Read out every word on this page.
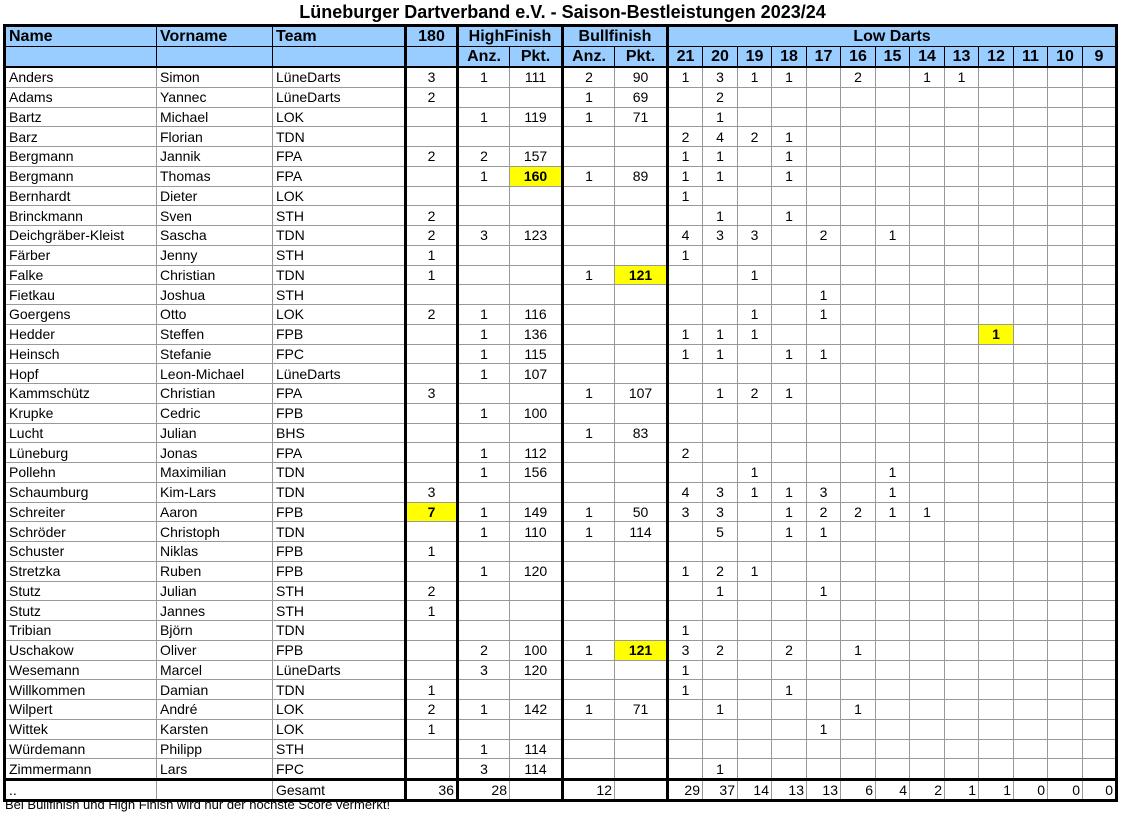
Lüneburger Dartverband e.V. - Saison-Bestleistungen 2023/24
Name	Vorname	Team	180	HighFinish		Bullfinish		Low Darts												
				Anz.	Pkt.	Anz.	Pkt.	21	20	19	18	17	16	15	14	13	12	11	10	9
Anders	Simon	LüneDarts	3	1	111	2	90	1	3	1	1		2		1	1				
Adams	Yannec	LüneDarts	2			1	69		2											
Bartz	Michael	LOK		1	119	1	71		1											
Barz	Florian	TDN						2	4	2	1									
Bergmann	Jannik	FPA	2	2	157			1	1		1									
Bergmann	Thomas	FPA		1	160	1	89	1	1		1									
Bernhardt	Dieter	LOK						1												
Brinckmann	Sven	STH	2						1		1									
Deichgräber-Kleist	Sascha	TDN	2	3	123			4	3	3		2		1						
Färber	Jenny	STH	1					1												
Falke	Christian	TDN	1			1	121			1										
Fietkau	Joshua	STH										1								
Goergens	Otto	LOK	2	1	116					1		1								
Hedder	Steffen	FPB		1	136			1	1	1							1			
Heinsch	Stefanie	FPC		1	115			1	1		1	1								
Hopf	Leon-Michael	LüneDarts		1	107															
Kammschütz	Christian	FPA	3			1	107		1	2	1									
Krupke	Cedric	FPB		1	100															
Lucht	Julian	BHS				1	83													
Lüneburg	Jonas	FPA		1	112			2												
Pollehn	Maximilian	TDN		1	156					1				1						
Schaumburg	Kim-Lars	TDN	3					4	3	1	1	3		1						
Schreiter	Aaron	FPB	7	1	149	1	50	3	3		1	2	2	1	1					
Schröder	Christoph	TDN		1	110	1	114		5		1	1								
Schuster	Niklas	FPB	1																	
Stretzka	Ruben	FPB		1	120			1	2	1										
Stutz	Julian	STH	2						1			1								
Stutz	Jannes	STH	1																	
Tribian	Björn	TDN						1												
Uschakow	Oliver	FPB		2	100	1	121	3	2		2		1							
Wesemann	Marcel	LüneDarts		3	120			1												
Willkommen	Damian	TDN	1					1			1									
Wilpert	André	LOK	2	1	142	1	71		1				1							
Wittek	Karsten	LOK	1									1								
Würdemann	Philipp	STH		1	114															
Zimmermann	Lars	FPC		3	114				1											
..		Gesamt	36	28		12		29	37	14	13	13	6	4	2	1	1	0	0	0
Bei Bullfinish und High Finish wird nur der höchste Score vermerkt!
